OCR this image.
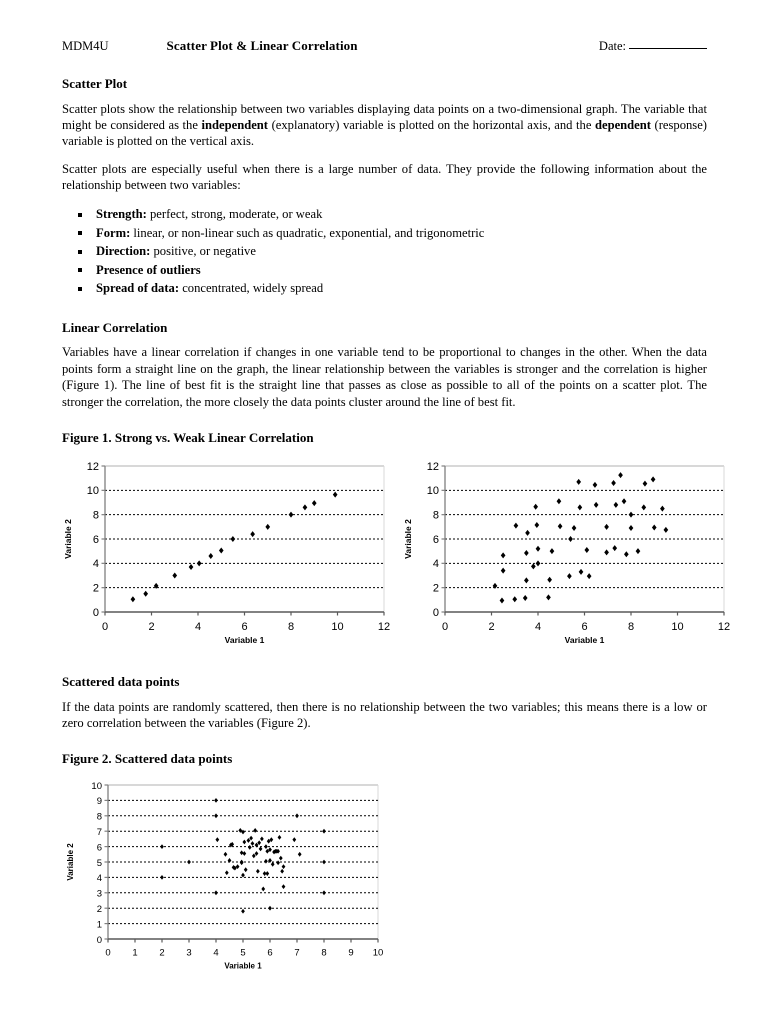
MDM4U	Scatter Plot & Linear Correlation	Date:
Scatter Plot

Scatter plots show the relationship between two variables displaying data points on a two-dimensional graph. The variable that might be considered as the independent (explanatory) variable is plotted on the horizontal axis, and the dependent (response) variable is plotted on the vertical axis.

Scatter plots are especially useful when there is a large number of data. They provide the following information about the relationship between two variables:

Strength: perfect, strong, moderate, or weak
Form: linear, or non-linear such as quadratic, exponential, and trigonometric
Direction: positive, or negative
Presence of outliers
Spread of data: concentrated, widely spread
Linear Correlation

Variables have a linear correlation if changes in one variable tend to be proportional to changes in the other. When the data points form a straight line on the graph, the linear relationship between the variables is stronger and the correlation is higher (Figure 1). The line of best fit is the straight line that passes as close as possible to all of the points on a scatter plot. The stronger the correlation, the more closely the data points cluster around the line of best fit.

Figure 1. Strong vs. Weak Linear Correlation
0
2
4
6
8
10
12
0	2	4	6	8	10	12
Variable 1
Variable 2
0
2
4
6
8
10
12
0	2	4	6	8	10	12
Variable 1
Variable 2
Scattered data points

If the data points are randomly scattered, then there is no relationship between the two variables; this means there is a low or zero correlation between the variables (Figure 2).

Figure 2. Scattered data points
0
1
2
3
4
5
6
7
8
9
10
0 1 2 3 4 5 6 7 8 9 10
Variable 1
Variable 2
